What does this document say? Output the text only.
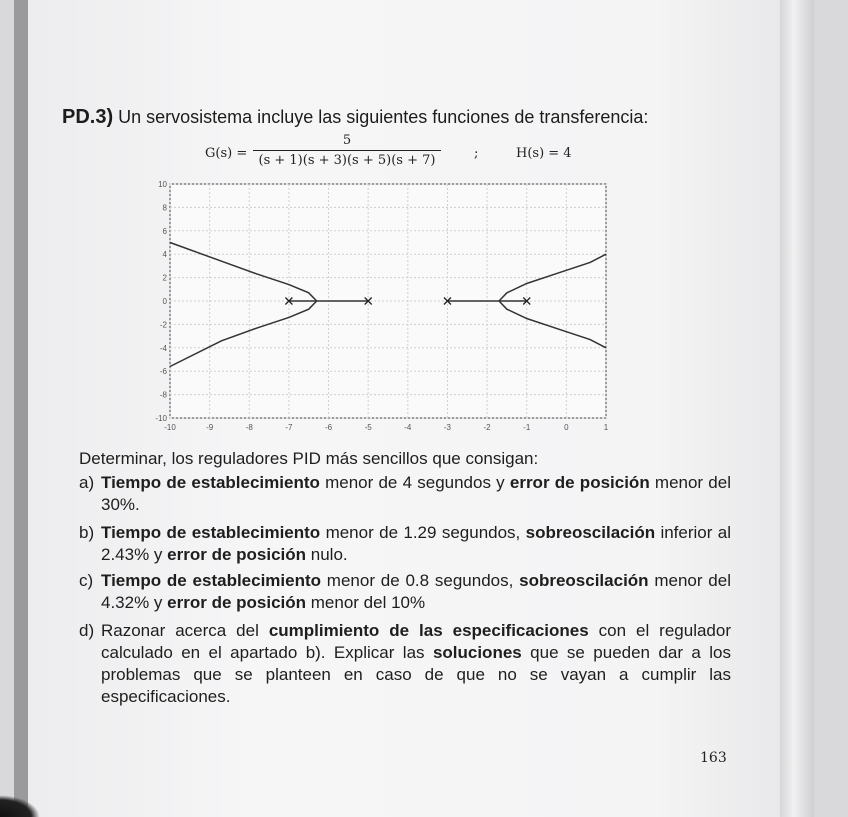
PD.3) Un servosistema incluye las siguientes funciones de transferencia:
$G(s) = \frac{5}{(s + 1)(s + 3)(s + 5)(s + 7)}$	;	H(s) = 4
-10	-9	-8	-7	-6	-5	-4	-3	-2	-1	0	1
10
8
6
4
2
0
-2
-4
-6
-8
-10
Determinar, los reguladores PID más sencillos que consigan:
a) Tiempo de establecimiento menor de 4 segundos y error de posición menor del 30%.
b) Tiempo de establecimiento menor de 1.29 segundos, sobreoscilación inferior al 2.43% y error de posición nulo.
c) Tiempo de establecimiento menor de 0.8 segundos, sobreoscilación menor del 4.32% y error de posición menor del 10%
d) Razonar acerca del cumplimiento de las especificaciones con el regulador calculado en el apartado b). Explicar las soluciones que se pueden dar a los problemas que se planteen en caso de que no se vayan a cumplir las especificaciones.
163
